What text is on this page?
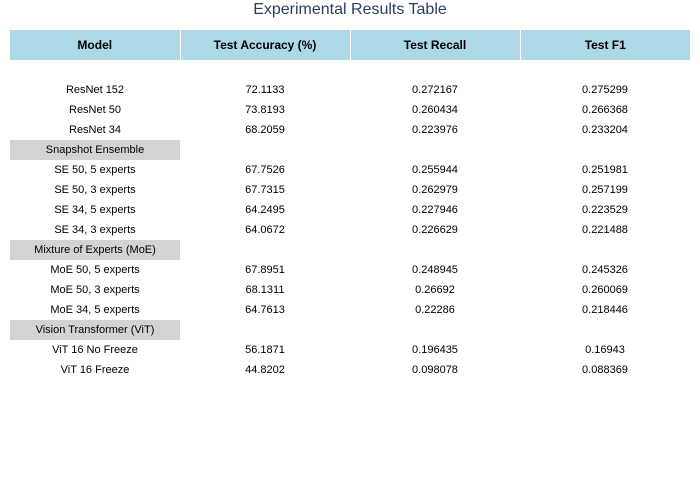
Experimental Results Table
Model	Test Accuracy (%)	Test Recall	Test F1

ResNet 152	72.1133	0.272167	0.275299
ResNet 50	73.8193	0.260434	0.266368
ResNet 34	68.2059	0.223976	0.233204
Snapshot Ensemble			
SE 50, 5 experts	67.7526	0.255944	0.251981
SE 50, 3 experts	67.7315	0.262979	0.257199
SE 34, 5 experts	64.2495	0.227946	0.223529
SE 34, 3 experts	64.0672	0.226629	0.221488
Mixture of Experts (MoE)			
MoE 50, 5 experts	67.8951	0.248945	0.245326
MoE 50, 3 experts	68.1311	0.26692	0.260069
MoE 34, 5 experts	64.7613	0.22286	0.218446
Vision Transformer (ViT)			
ViT 16 No Freeze	56.1871	0.196435	0.16943
ViT 16 Freeze	44.8202	0.098078	0.088369
